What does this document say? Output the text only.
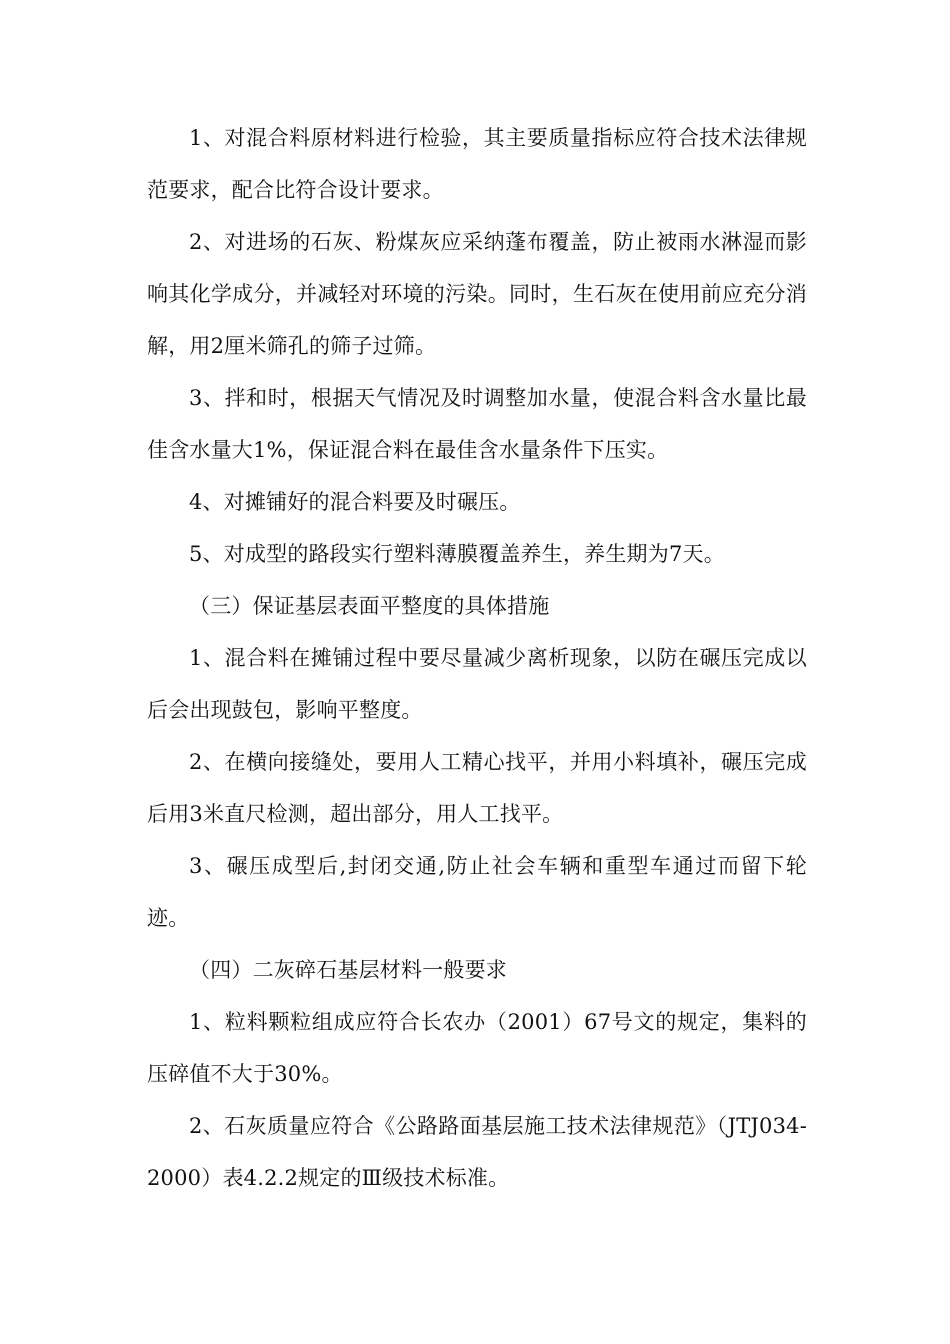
1、对混合料原材料进行检验，其主要质量指标应符合技术法律规范要求，配合比符合设计要求。

2、对进场的石灰、粉煤灰应采纳蓬布覆盖，防止被雨水淋湿而影响其化学成分，并减轻对环境的污染。同时，生石灰在使用前应充分消解，用2厘米筛孔的筛子过筛。

3、拌和时，根据天气情况及时调整加水量，使混合料含水量比最佳含水量大1%，保证混合料在最佳含水量条件下压实。

4、对摊铺好的混合料要及时碾压。

5、对成型的路段实行塑料薄膜覆盖养生，养生期为7天。

（三）保证基层表面平整度的具体措施

1、混合料在摊铺过程中要尽量减少离析现象，以防在碾压完成以后会出现鼓包，影响平整度。

2、在横向接缝处，要用人工精心找平，并用小料填补，碾压完成后用3米直尺检测，超出部分，用人工找平。

3、碾压成型后,封闭交通,防止社会车辆和重型车通过而留下轮迹。

（四）二灰碎石基层材料一般要求

1、粒料颗粒组成应符合长农办（2001）67号文的规定，集料的压碎值不大于30%。

2、石灰质量应符合《公路路面基层施工技术法律规范》（JTJ034-2000）表4.2.2规定的Ⅲ级技术标准。
